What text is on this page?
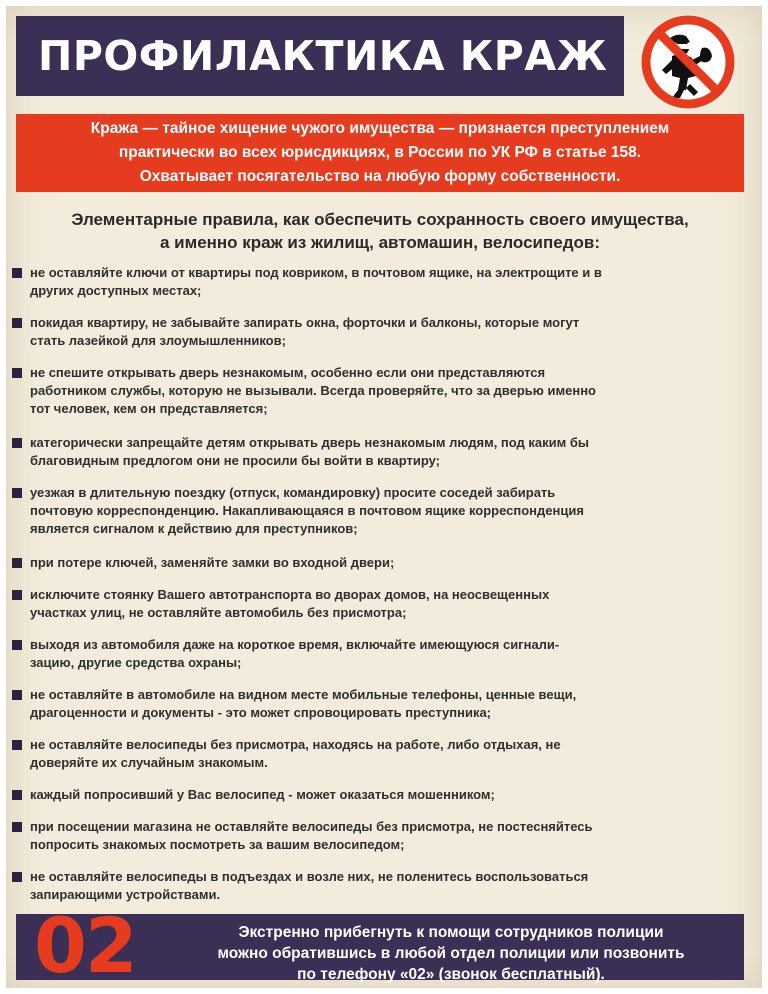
ПРОФИЛАКТИКА КРАЖ

Кража — тайное хищение чужого имущества — признается преступлением
практически во всех юрисдикциях, в России по УК РФ в статье 158.
Охватывает посягательство на любую форму собственности.

Элементарные правила, как обеспечить сохранность своего имущества,
а именно краж из жилищ, автомашин, велосипедов:
не оставляйте ключи от квартиры под ковриком, в почтовом ящике, на электрощите и в
других доступных местах;
покидая квартиру, не забывайте запирать окна, форточки и балконы, которые могут
стать лазейкой для злоумышленников;
не спешите открывать дверь незнакомым, особенно если они представляются
работником службы, которую не вызывали. Всегда проверяйте, что за дверью именно
тот человек, кем он представляется;
категорически запрещайте детям открывать дверь незнакомым людям, под каким бы
благовидным предлогом они не просили бы войти в квартиру;
уезжая в длительную поездку (отпуск, командировку) просите соседей забирать
почтовую корреспонденцию. Накапливающаяся в почтовом ящике корреспонденция
является сигналом к действию для преступников;
при потере ключей, заменяйте замки во входной двери;
исключите стоянку Вашего автотранспорта во дворах домов, на неосвещенных
участках улиц, не оставляйте автомобиль без присмотра;
выходя из автомобиля даже на короткое время, включайте имеющуюся сигнали-
зацию, другие средства охраны;
не оставляйте в автомобиле на видном месте мобильные телефоны, ценные вещи,
драгоценности и документы - это может спровоцировать преступника;
не оставляйте велосипеды без присмотра, находясь на работе, либо отдыхая, не
доверяйте их случайным знакомым.
каждый попросивший у Вас велосипед - может оказаться мошенником;
при посещении магазина не оставляйте велосипеды без присмотра, не постесняйтесь
попросить знакомых посмотреть за вашим велосипедом;
не оставляйте велосипеды в подъездах и возле них, не поленитесь воспользоваться
запирающими устройствами.
02	Экстренно прибегнуть к помощи сотрудников полиции
можно обратившись в любой отдел полиции или позвонить
по телефону «02» (звонок бесплатный).
